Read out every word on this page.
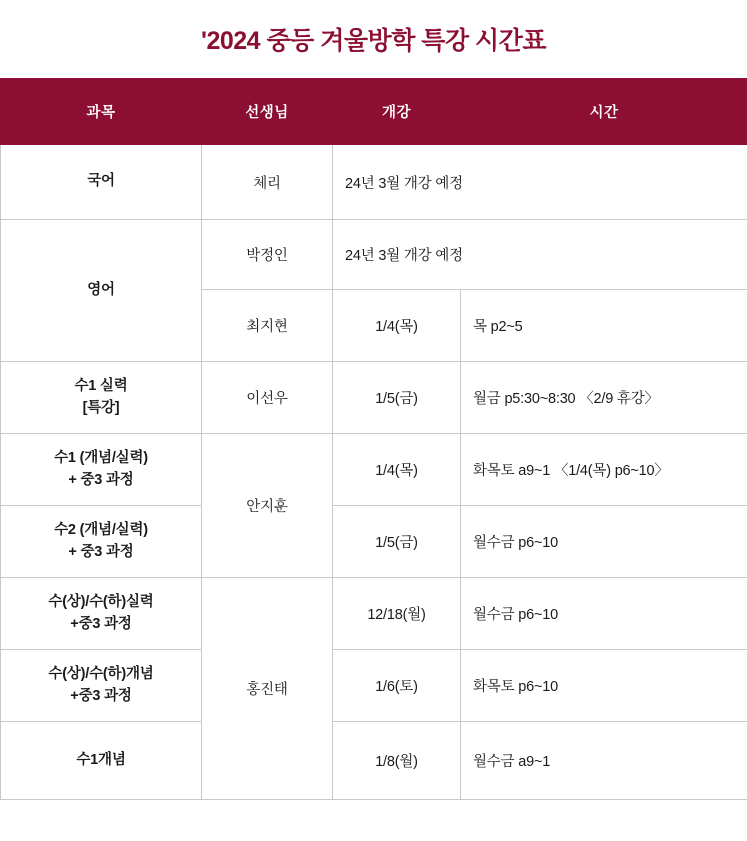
'2024 중등 겨울방학 특강 시간표
과목	선생님	개강	시간
국어	체리	24년 3월 개강 예정	
영어	박정인	24년 3월 개강 예정	
	최지현	1/4(목)	목 p2~5
수1 실력
[특강]	이선우	1/5(금)	월금 p5:30~8:30 〈2/9 휴강〉
수1 (개념/실력)
+ 중3 과정	안지훈	1/4(목)	화목토 a9~1 〈1/4(목) p6~10〉
수2 (개념/실력)
+ 중3 과정		1/5(금)	월수금 p6~10
수(상)/수(하)실력
+중3 과정	홍진태	12/18(월)	월수금 p6~10
수(상)/수(하)개념
+중3 과정		1/6(토)	화목토 p6~10
수1개념		1/8(월)	월수금 a9~1
